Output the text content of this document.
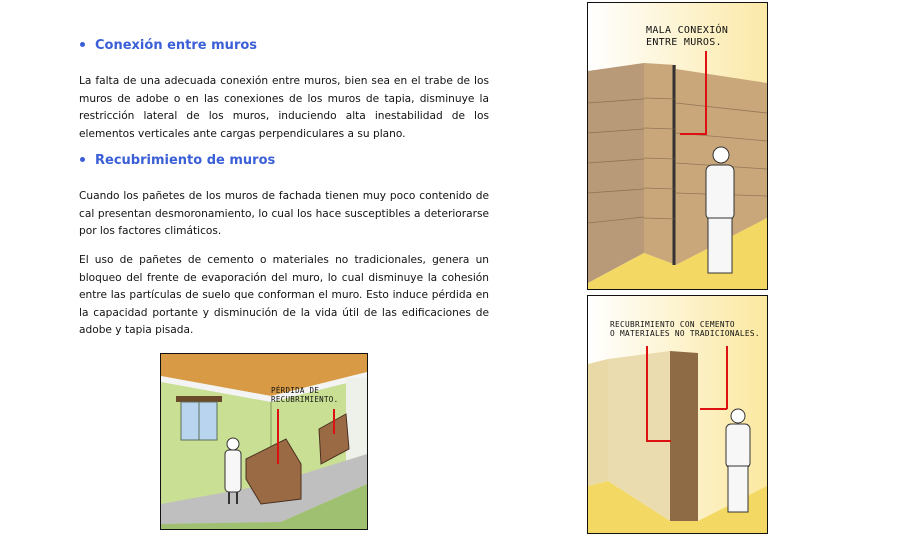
Conexión entre muros
La falta de una adecuada conexión entre muros, bien sea en el trabe de los muros de adobe o en las conexiones de los muros de tapia, disminuye la restricción lateral de los muros, induciendo alta inestabilidad de los elementos verticales ante cargas perpendiculares a su plano.
Recubrimiento de muros
Cuando los pañetes de los muros de fachada tienen muy poco contenido de cal presentan desmoronamiento, lo cual los hace susceptibles a deteriorarse por los factores climáticos.
El uso de pañetes de cemento o materiales no tradicionales, genera un bloqueo del frente de evaporación del muro, lo cual disminuye la cohesión entre las partículas de suelo que conforman el muro. Esto induce pérdida en la capacidad portante y disminución de la vida útil de las edificaciones de adobe y tapia pisada.
PÉRDIDA DE
RECUBRIMIENTO.
MALA CONEXIÓN
ENTRE MUROS.
RECUBRIMIENTO CON CEMENTO
O MATERIALES NO TRADICIONALES.
